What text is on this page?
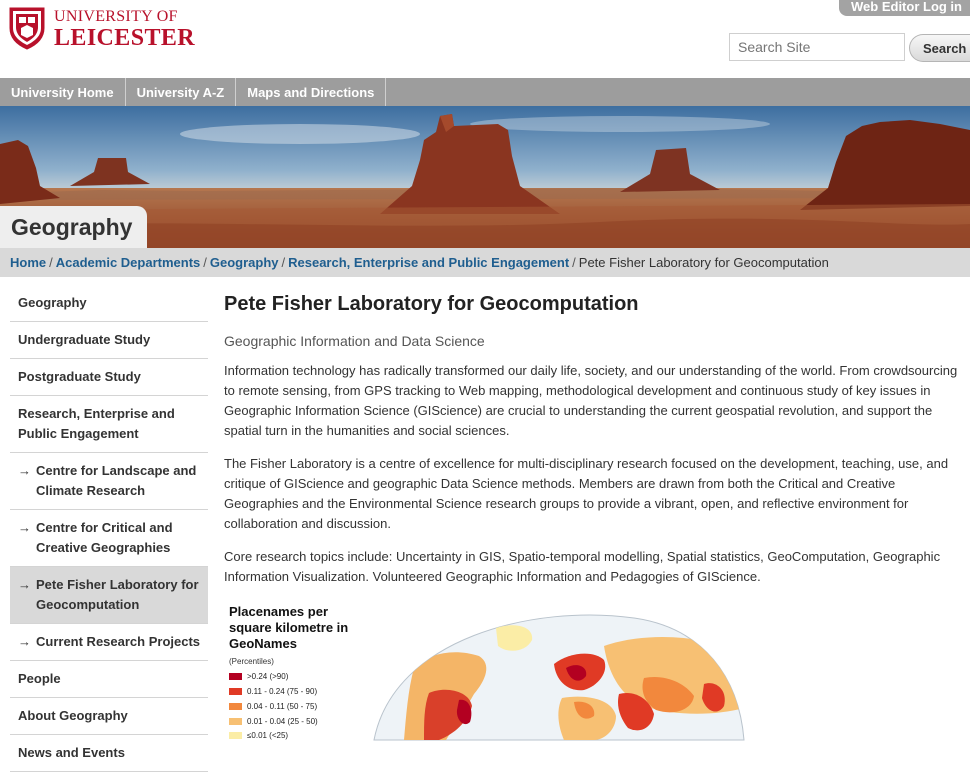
UNIVERSITY OF
LEICESTER
Web Editor Log in
Search Site
Search
University Home	University A-Z	Maps and Directions
Geography
Home / Academic Departments / Geography / Research, Enterprise and Public Engagement / Pete Fisher Laboratory for Geocomputation
Geography
Undergraduate Study
Postgraduate Study
Research, Enterprise and Public Engagement
→ Centre for Landscape and Climate Research
→ Centre for Critical and Creative Geographies
→ Pete Fisher Laboratory for Geocomputation
→ Current Research Projects
People
About Geography
News and Events
Pete Fisher Laboratory for Geocomputation
Geographic Information and Data Science

Information technology has radically transformed our daily life, society, and our understanding of the world. From crowdsourcing to remote sensing, from GPS tracking to Web mapping, methodological development and continuous study of key issues in Geographic Information Science (GIScience) are crucial to understanding the current geospatial revolution, and support the spatial turn in the humanities and social sciences.

The Fisher Laboratory is a centre of excellence for multi-disciplinary research focused on the development, teaching, use, and critique of GIScience and geographic Data Science methods. Members are drawn from both the Critical and Creative Geographies and the Environmental Science research groups to provide a vibrant, open, and reflective environment for collaboration and discussion.

Core research topics include: Uncertainty in GIS, Spatio-temporal modelling, Spatial statistics, GeoComputation, Geographic Information Visualization. Volunteered Geographic Information and Pedagogies of GIScience.

Placenames per square kilometre in GeoNames
(Percentiles)
>0.24 (>90)
0.11 - 0.24 (75 - 90)
0.04 - 0.11 (50 - 75)
0.01 - 0.04 (25 - 50)
≤0.01 (<25)
